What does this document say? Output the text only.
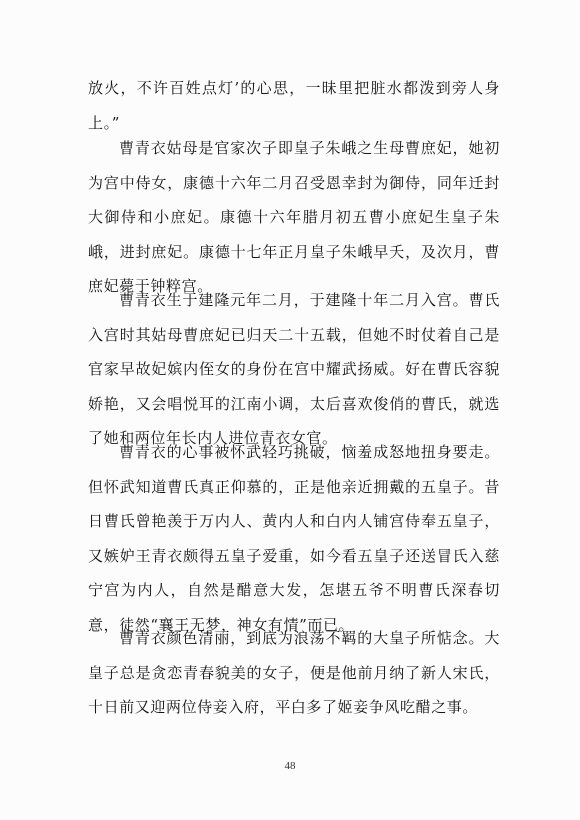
放火，不许百姓点灯’的心思，一昧里把脏水都泼到旁人身上。”

曹青衣姑母是官家次子即皇子朱峨之生母曹庶妃，她初为宫中侍女，康德十六年二月召受恩幸封为御侍，同年迁封大御侍和小庶妃。康德十六年腊月初五曹小庶妃生皇子朱峨，进封庶妃。康德十七年正月皇子朱峨早夭，及次月，曹庶妃薨于钟粹宫。

曹青衣生于建隆元年二月，于建隆十年二月入宫。曹氏入宫时其姑母曹庶妃已归天二十五载，但她不时仗着自己是官家早故妃嫔内侄女的身份在宫中耀武扬威。好在曹氏容貌娇艳，又会唱悦耳的江南小调，太后喜欢俊俏的曹氏，就选了她和两位年长内人进位青衣女官。

曹青衣的心事被怀武轻巧挑破，恼羞成怒地扭身要走。但怀武知道曹氏真正仰慕的，正是他亲近拥戴的五皇子。昔日曹氏曾艳羡于万内人、黄内人和白内人铺宫侍奉五皇子，又嫉妒王青衣颇得五皇子爱重，如今看五皇子还送冒氏入慈宁宫为内人，自然是醋意大发，怎堪五爷不明曹氏深春切意，徒然“襄王无梦，神女有情”而已。

曹青衣颜色清丽，到底为浪荡不羁的大皇子所惦念。大皇子总是贪恋青春貌美的女子，便是他前月纳了新人宋氏，十日前又迎两位侍妾入府，平白多了姬妾争风吃醋之事。

48
